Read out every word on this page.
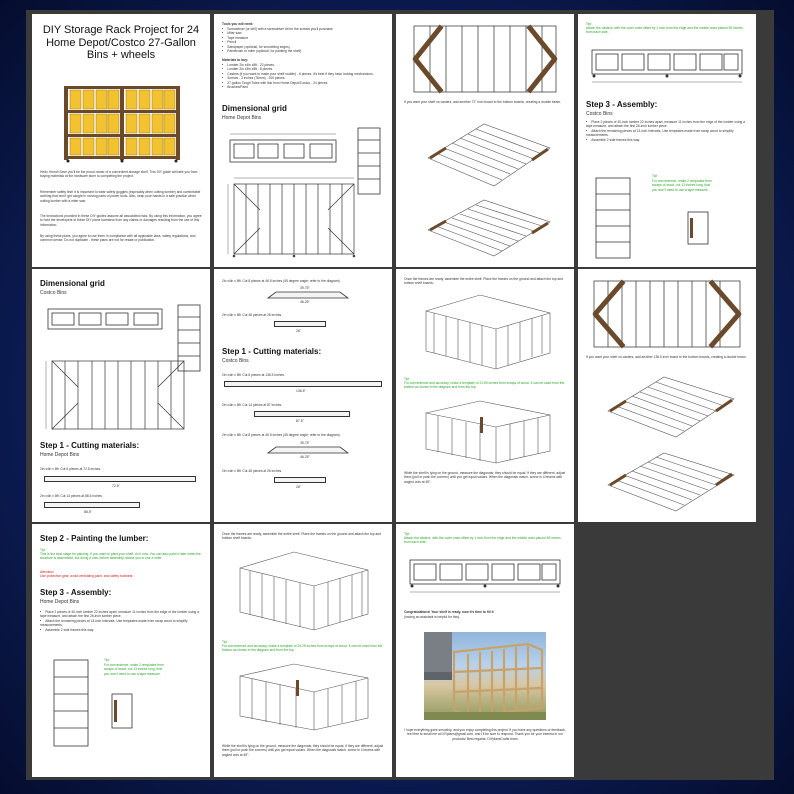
DIY Storage Rack Project for 24 Home Depot/Costco 27-Gallon Bins + wheels
Hello, friend! Save you'll be the proud owner of a convenient storage shelf. This DIY guide will take you from buying materials at the hardware store to completing the project.
Remember safety first! It is important to wear safety goggles (especially when cutting lumber) and comfortable clothing that won't get caught in moving parts of power tools. Also, keep your hands in a safe position when cutting lumber with a miter saw.
The instructions provided in these DIY guides assume all associated risks. By using this information, you agree to hold the developers of these DIY plans harmless from any claims or damages resulting from the use of this information.
By using these plans, you agree to use them in compliance with all applicable laws, safety regulations, and common sense. Do not duplicate - these plans are not for resale or publication.
Tools you will need:
• Screwdriver (or drill) with a screwdriver bit for the screws you'll purchase
• Miter saw
• Tape measure
• Pencil
• Sandpaper (optional, for smoothing edges)
• Paintbrush or roller (optional, for painting the shelf)
Materials to buy:
• Lumber 2in x4in x8ft - 22 pieces.
• Lumber 2in x3in x8ft - 8 pieces.
• Casters (if you want to make your shelf mobile) - 6 pieces. It's best if they have locking mechanisms.
• Screws - 3 inches (76mm) - 200 pieces.
• 27-gallon Tough Totes with lids from Home Depot/Costco - 24 pieces.
• Brushes/Paint
Dimensional grid
Home Depot Bins
If you want your shelf on casters, add another 72" inch board to the bottom boards, creating a double beam.
Tip!
Attach the casters, with the outer ones offset by 1 inch from the edge and the middle ones placed 36 inches from each side.
Step 3 - Assembly:
Costco Bins
• Place 2 pieces of 40-inch lumber 22 inches apart, measure 11 inches from the edge of the lumber using a tape measure, and attach the first 26-inch lumber piece.
• Attach the remaining pieces at 13-inch intervals. Use templates made from scrap wood to simplify measurements.
• Assemble 2 side frames this way.
Tip!
For convenience, make 2 templates from scraps of wood, cut 13 inches long, that you won't need to use a tape measure.
Dimensional grid
Costco Bins
Step 1 - Cutting materials:
Home Depot Bins
2in x4in x 8ft: Cut 6 pieces at 72.5 inches.
72.5"
2in x4in x 8ft: Cut 14 pieces at 88.5 inches.
88.5"
2in x4in x 8ft: Cut 8 pieces at 46.5 inches (45 degree angle; refer to the diagram).
39.75"
46.25"
2in x4in x 8ft: Cut 48 pieces at 26 inches.
26"
Step 1 - Cutting materials:
Costco Bins
2in x4in x 8ft: Cut 6 pieces at 136.5 inches.
136.5"
2in x4in x 8ft: Cut 14 pieces at 87 inches.
87.5"
2in x4in x 8ft: Cut 8 pieces at 46.5 inches (45 degree angle; refer to the diagram).
39.75"
46.25"
2in x4in x 8ft: Cut 48 pieces at 26 inches.
26"
Once the frames are ready, assemble the entire shelf. Place the frames on the ground and attach the top and bottom shelf boards.
Tip!
For convenience and accuracy, make a template of 21.50 inches from scraps of wood. It can be used from the bottom as shown in the diagram and from the top.
While the shelf is lying on the ground, measure the diagonals; they should be equal. If they are different, adjust them (pull or push the corners) until you get equal values. When the diagonals match, screw in 4 beams with angled cuts at 45°.
If you want your shelf on casters, add another 136.5 inch board to the bottom boards, creating a double beam.
Step 2 - Painting the lumber:
Tip!
This is the best stage for painting. If you want to paint your shelf, do it now. You can also paint it later when the structure is assembled, but doing it now, before assembly, allows you to use a roller.
Attention!
Use protective gear, avoid ventilating paint, and safety footwear.
Step 3 - Assembly:
Home Depot Bins
• Place 2 pieces of 40-inch lumber 22 inches apart, measure 11 inches from the edge of the lumber using a tape measure, and attach the first 26-inch lumber piece.
• Attach the remaining pieces at 13-inch intervals. Use templates made from scrap wood to simplify measurements.
• Assemble 2 side frames this way.
Tip!
For convenience, make 2 templates from scraps of wood, cut 13 inches long, that you won't need to use a tape measure.
Once the frames are ready, assemble the entire shelf. Place the frames on the ground and attach the top and bottom shelf boards.
Tip!
For convenience and accuracy, make a template of 20.25 inches from scraps of wood. It can be used from the bottom as shown in the diagram and from the top.
While the shelf is lying on the ground, measure the diagonals; they should be equal. If they are different, adjust them (pull or push the corners) until you get equal values. When the diagonals match, screw in 4 beams with angled cuts at 45°.
Tip!
Attach the casters, with the outer ones offset by 1 inch from the edge and the middle ones placed 36 inches from each side.
Congratulations! Your shelf is ready, now it's time to fill it
(having an assistant is helpful for this).
I hope everything goes smoothly, and you enjoy completing this project. If you have any questions or feedback, feel free to email me at DIYplans@gmail.com, and I'll be sure to respond. Thank you for your interest in our products! Best regards, DIYplansCrafts team
